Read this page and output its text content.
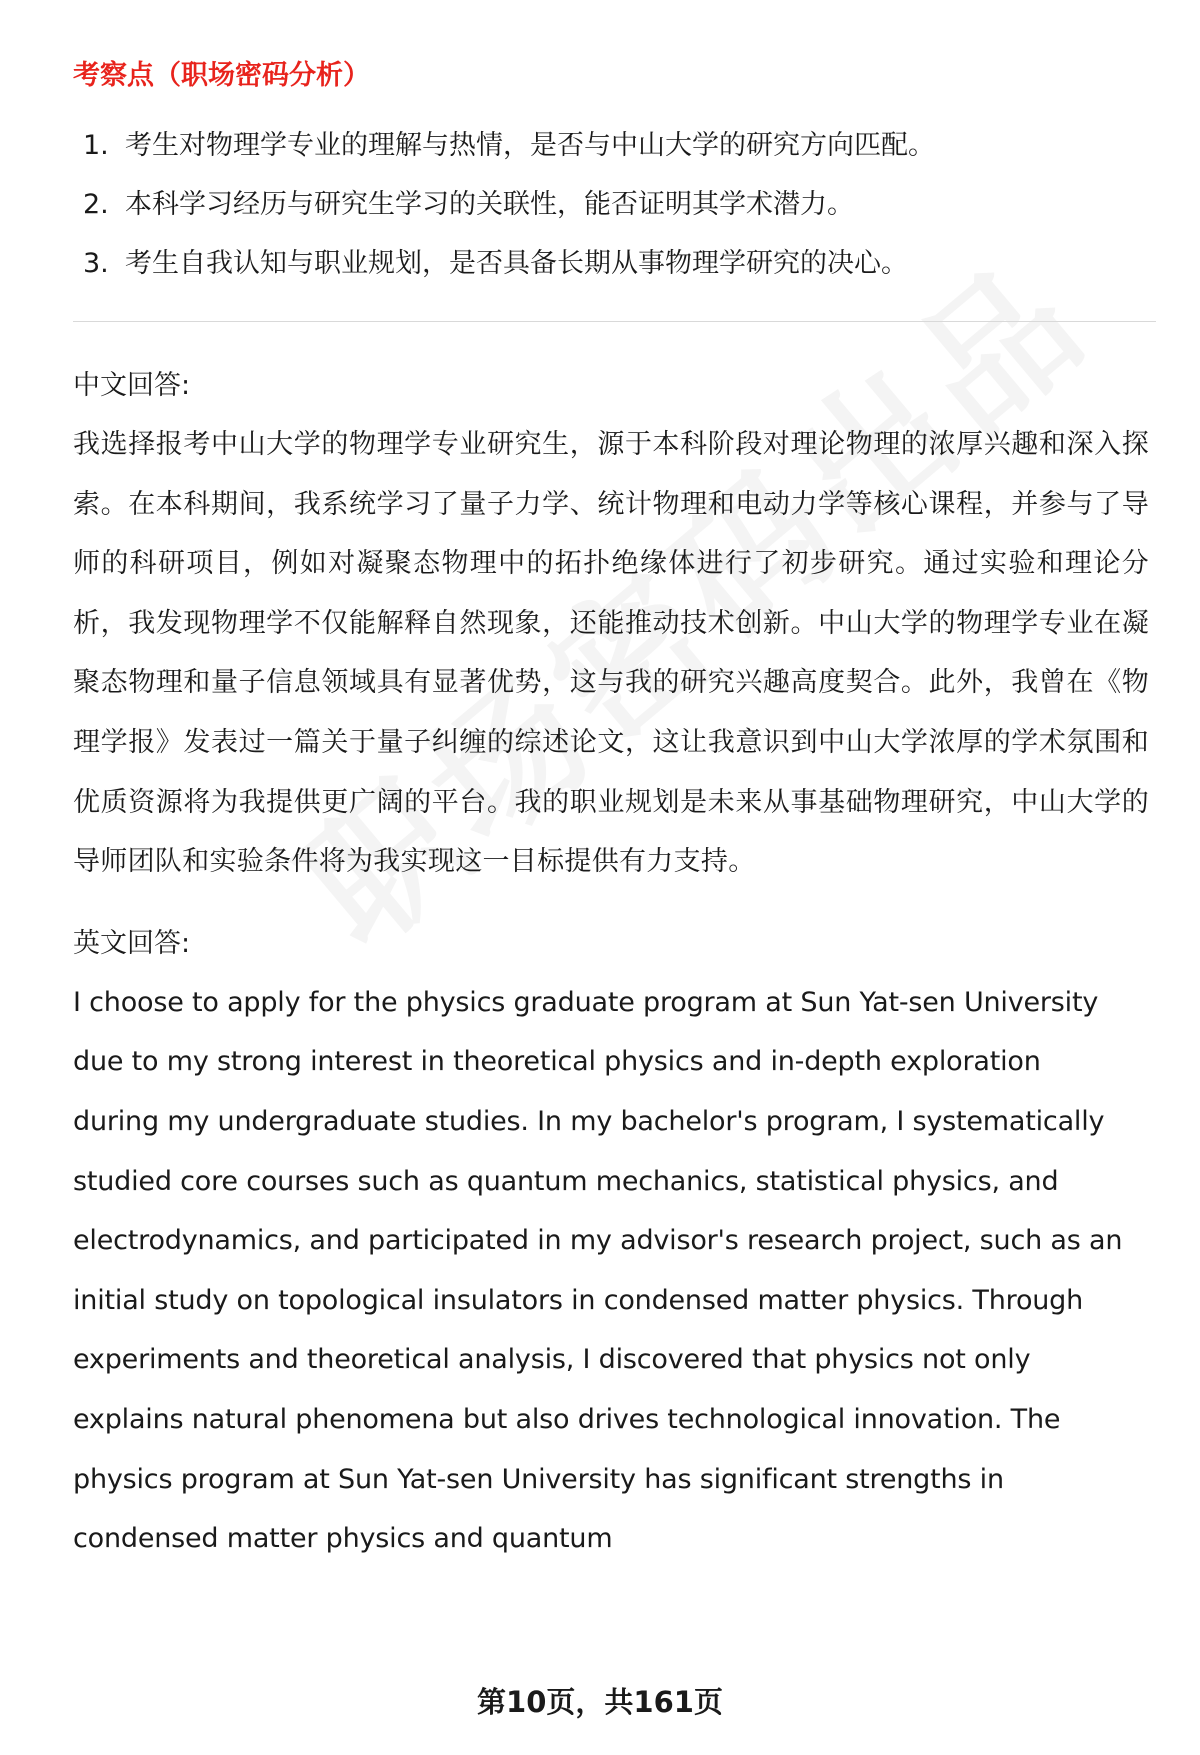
考察点（职场密码分析）
1. 考生对物理学专业的理解与热情，是否与中山大学的研究方向匹配。
2. 本科学习经历与研究生学习的关联性，能否证明其学术潜力。
3. 考生自我认知与职业规划，是否具备长期从事物理学研究的决心。
中文回答:

我选择报考中山大学的物理学专业研究生，源于本科阶段对理论物理的浓厚兴趣和深入探索。在本科期间，我系统学习了量子力学、统计物理和电动力学等核心课程，并参与了导师的科研项目，例如对凝聚态物理中的拓扑绝缘体进行了初步研究。通过实验和理论分析，我发现物理学不仅能解释自然现象，还能推动技术创新。中山大学的物理学专业在凝聚态物理和量子信息领域具有显著优势，这与我的研究兴趣高度契合。此外，我曾在《物理学报》发表过一篇关于量子纠缠的综述论文，这让我意识到中山大学浓厚的学术氛围和优质资源将为我提供更广阔的平台。我的职业规划是未来从事基础物理研究，中山大学的导师团队和实验条件将为我实现这一目标提供有力支持。

英文回答:

I choose to apply for the physics graduate program at Sun Yat-sen University due to my strong interest in theoretical physics and in-depth exploration during my undergraduate studies. In my bachelor's program, I systematically studied core courses such as quantum mechanics, statistical physics, and electrodynamics, and participated in my advisor's research project, such as an initial study on topological insulators in condensed matter physics. Through experiments and theoretical analysis, I discovered that physics not only explains natural phenomena but also drives technological innovation. The physics program at Sun Yat-sen University has significant strengths in condensed matter physics and quantum

第10页，共161页
